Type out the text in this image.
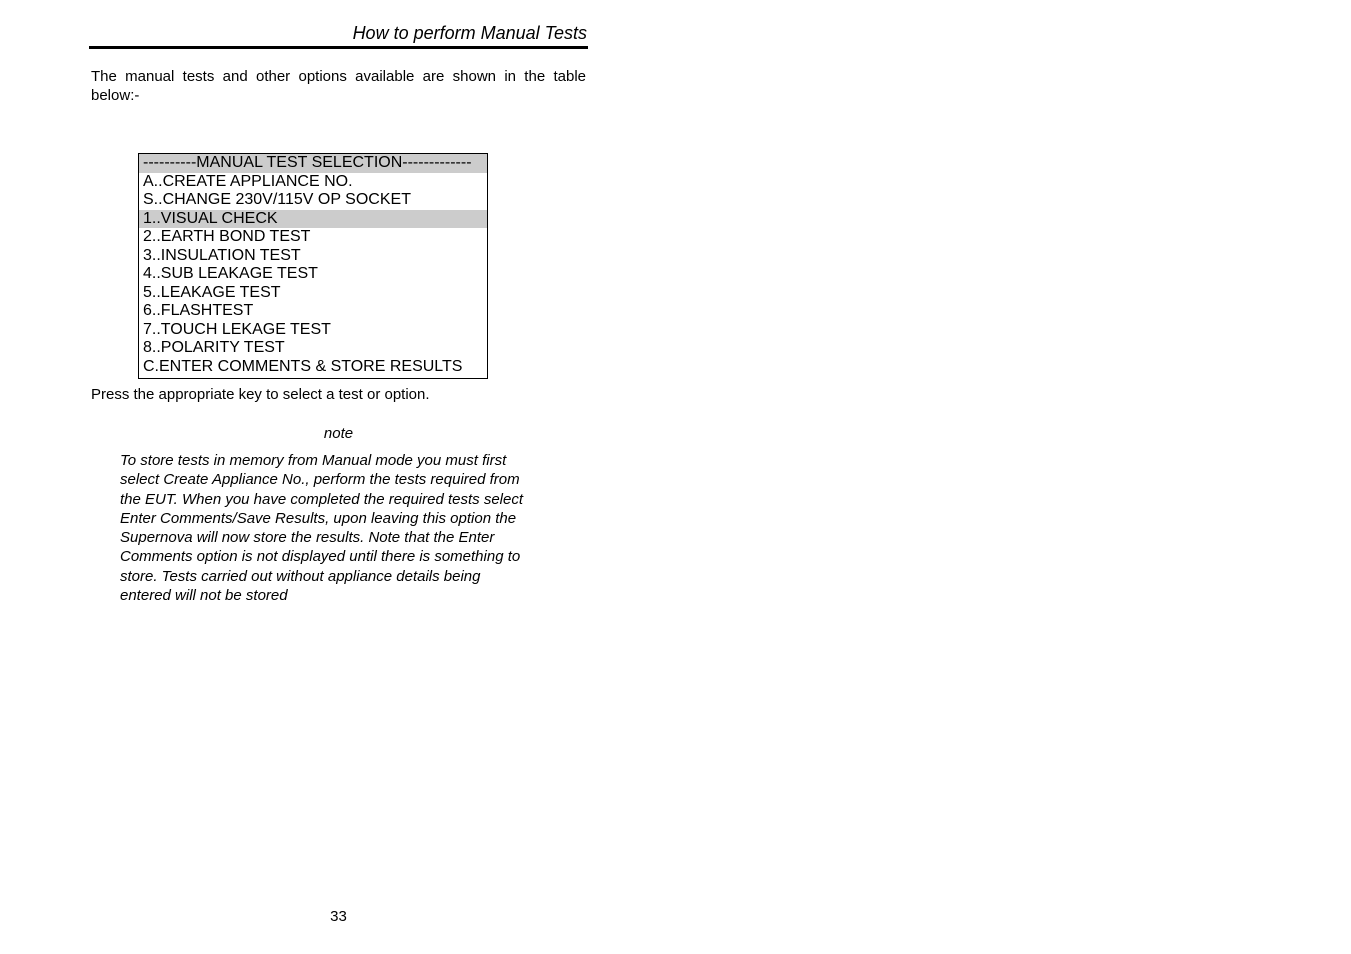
How to perform Manual Tests

The manual tests and other options available are shown in the table below:-

----------MANUAL TEST SELECTION-------------
A..CREATE APPLIANCE NO.
S..CHANGE 230V/115V OP SOCKET
1..VISUAL CHECK
2..EARTH BOND TEST
3..INSULATION TEST
4..SUB LEAKAGE TEST
5..LEAKAGE TEST
6..FLASHTEST
7..TOUCH LEKAGE TEST
8..POLARITY TEST
C.ENTER COMMENTS & STORE RESULTS

Press the appropriate key to select a test or option.

note

To store tests in memory from Manual mode you must first
select Create Appliance No., perform the tests required from
the EUT. When you have completed the required tests select
Enter Comments/Save Results, upon leaving this option the
Supernova will now store the results. Note that the Enter
Comments option is not displayed until there is something to
store. Tests carried out without appliance details being
entered will not be stored
33
